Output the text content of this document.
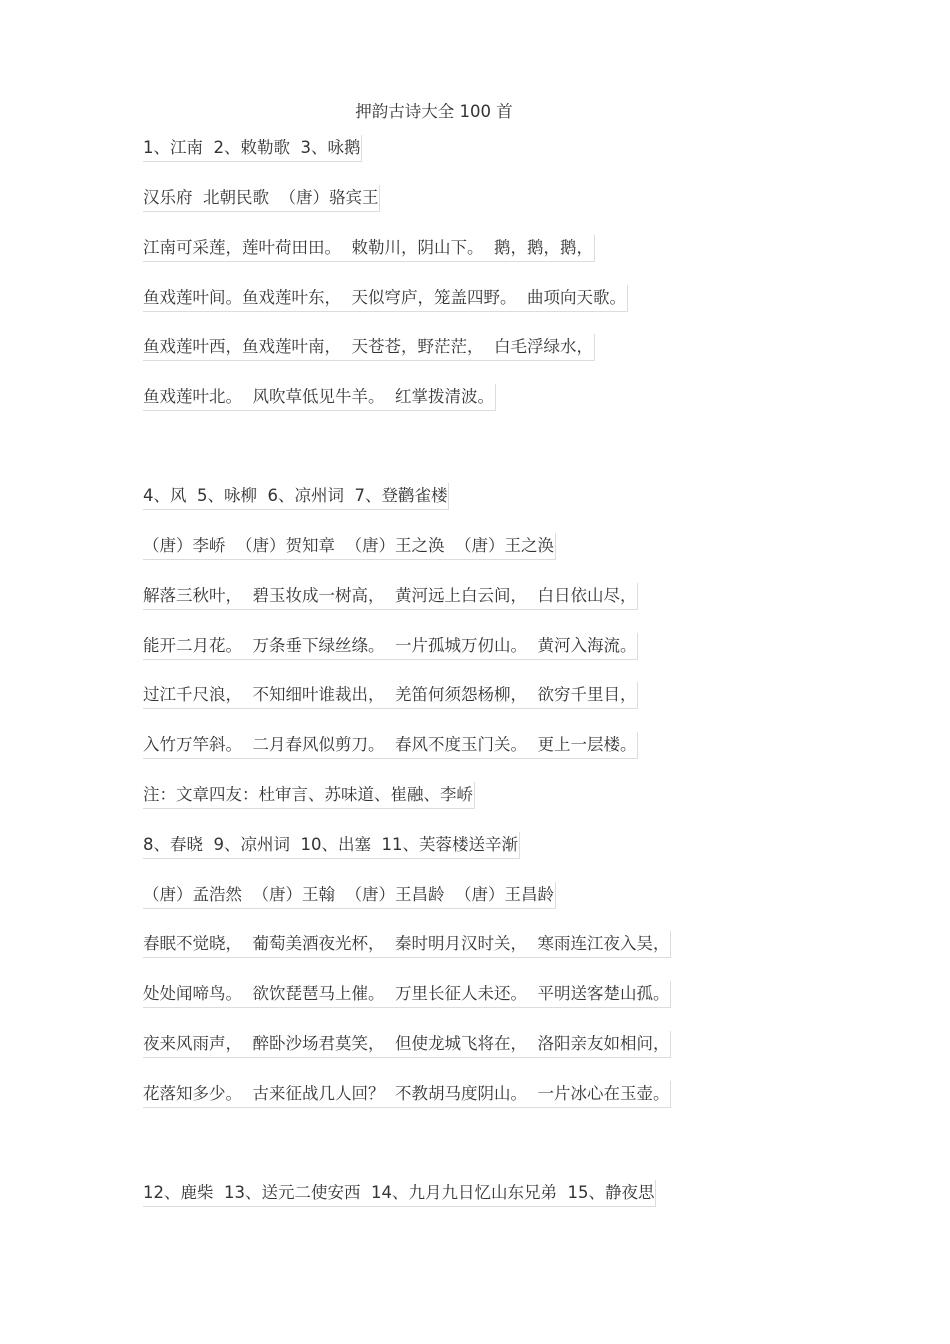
押韵古诗大全 100 首
1、江南  2、敕勒歌  3、咏鹅
汉乐府  北朝民歌  （唐）骆宾王
江南可采莲，莲叶荷田田。  敕勒川，阴山下。  鹅，鹅，鹅，
鱼戏莲叶间。鱼戏莲叶东，  天似穹庐，笼盖四野。  曲项向天歌。
鱼戏莲叶西，鱼戏莲叶南，  天苍苍，野茫茫，  白毛浮绿水，
鱼戏莲叶北。  风吹草低见牛羊。  红掌拨清波。
4、风  5、咏柳  6、凉州词  7、登鹳雀楼
（唐）李峤  （唐）贺知章  （唐）王之涣  （唐）王之涣
解落三秋叶，  碧玉妆成一树高，  黄河远上白云间，  白日依山尽，
能开二月花。  万条垂下绿丝绦。  一片孤城万仞山。  黄河入海流。
过江千尺浪，  不知细叶谁裁出，  羌笛何须怨杨柳，  欲穷千里目，
入竹万竿斜。  二月春风似剪刀。  春风不度玉门关。  更上一层楼。
注：文章四友：杜审言、苏味道、崔融、李峤
8、春晓  9、凉州词  10、出塞  11、芙蓉楼送辛渐
（唐）孟浩然  （唐）王翰  （唐）王昌龄  （唐）王昌龄
春眠不觉晓，  葡萄美酒夜光杯，  秦时明月汉时关，  寒雨连江夜入吴，
处处闻啼鸟。  欲饮琵琶马上催。  万里长征人未还。  平明送客楚山孤。
夜来风雨声，  醉卧沙场君莫笑，  但使龙城飞将在，  洛阳亲友如相问，
花落知多少。  古来征战几人回？  不教胡马度阴山。  一片冰心在玉壶。
12、鹿柴  13、送元二使安西  14、九月九日忆山东兄弟  15、静夜思
